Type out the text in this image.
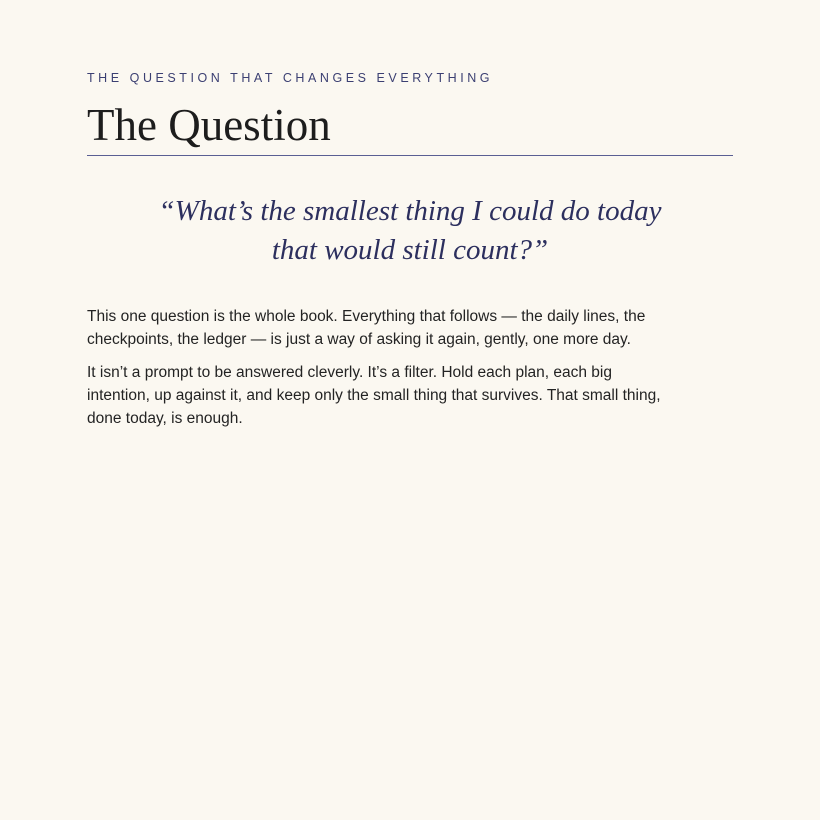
THE QUESTION THAT CHANGES EVERYTHING
The Question
“What’s the smallest thing I could do today
that would still count?”

This one question is the whole book. Everything that follows — the daily lines, the
checkpoints, the ledger — is just a way of asking it again, gently, one more day.

It isn’t a prompt to be answered cleverly. It’s a filter. Hold each plan, each big
intention, up against it, and keep only the small thing that survives. That small thing,
done today, is enough.
